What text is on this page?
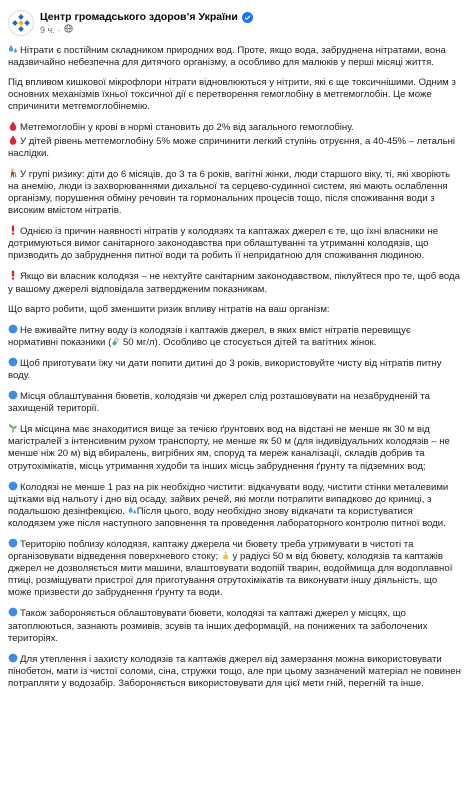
Центр громадського здоров’я України
9 ч. ·

Нітрати є постійним складником природних вод. Проте, якщо вода, забруднена нітратами, вона надзвичайно небезпечна для дитячого організму, а особливо для малюків у перші місяці життя.

Під впливом кишкової мікрофлори нітрати відновлюються у нітрити, які є ще токсичнішими. Одним з основних механізмів їхньої токсичної дії є перетворення гемоглобіну в метгемоглобін. Це може спричинити метгемоглобінемію.

Метгемоглобін у крові в нормі становить до 2% від загального гемоглобіну.

У дітей рівень метгемоглобіну 5% може спричинити легкий ступінь отруєння, а 40-45% – летальні наслідки.

У групі ризику: діти до 6 місяців, до 3 та 6 років, вагітні жінки, люди старшого віку, ті, які хворіють на анемію, люди із захворюваннями дихальної та серцево-судинної систем, які мають ослаблення організму, порушення обміну речовин та гормональних процесів тощо, після споживання води з високим вмістом нітратів.

Однією із причин наявності нітратів у колодязях та каптажах джерел є те, що їхні власники не дотримуються вимог санітарного законодавства при облаштуванні та утриманні колодязів, що призводить до забруднення питної води та робить її непридатною для споживання людиною.

Якщо ви власник колодязя – не нехтуйте санітарним законодавством, піклуйтеся про те, щоб вода у вашому джерелі відповідала затвердженим показникам.

Що варто робити, щоб зменшити ризик впливу нітратів на ваш організм:

Не вживайте питну воду із колодязів і каптажів джерел, в яких вміст нітратів перевищує нормативні показники (
50 мг/л). Особливо це стосується дітей та вагітних жінок.

Щоб приготувати їжу чи дати попити дитині до 3 років, використовуйте чисту від нітратів питну воду.

Місця облаштування бюветів, колодязів чи джерел слід розташовувати на незабрудненій та захищеній території.

Ця місцина має знаходитися вище за течією ґрунтових вод на відстані не менше як 30 м від магістралей з інтенсивним рухом транспорту, не менше як 50 м (для індивідуальних колодязів – не менше ніж 20 м) від вбиралень, вигрібних ям, споруд та мереж каналізації, складів добрив та отрутохімікатів, місць утримання худоби та інших місць забруднення ґрунту та підземних вод;

Колодязі не менше 1 раз на рік необхідно чистити: відкачувати воду, чистити стінки металевими щітками від нальоту і дно від осаду, зайвих речей, які могли потрапити випадково до криниці, з подальшою дезінфекцією. Після цього, воду необхідно знову відкачати та користуватися колодязем уже після наступного заповнення та проведення лабораторного контролю питної води.

Територію поблизу колодязя, каптажу джерела чи бювету треба утримувати в чистоті та організовувати відведення поверхневого стоку;
у радіусі 50 м від бювету, колодязів та каптажів джерел не дозволяється мити машини, влаштовувати водопій тварин, водоймища для водоплавної птиці, розміщувати пристрої для приготування отрутохімікатів та виконувати іншу діяльність, що може призвести до забруднення ґрунту та води.

Також забороняється облаштовувати бювети, колодязі та каптажі джерел у місцях, що затоплюються, зазнають розмивів, зсувів та інших деформацій, на понижених та заболочених територіях.

Для утеплення і захисту колодязів та каптажів джерел від замерзання можна використовувати пінобетон, мати із чистої соломи, сіна, стружки тощо, але при цьому зазначений матеріал не повинен потрапляти у водозабір. Забороняється використовувати для цієї мети гній, перегній та інше.
